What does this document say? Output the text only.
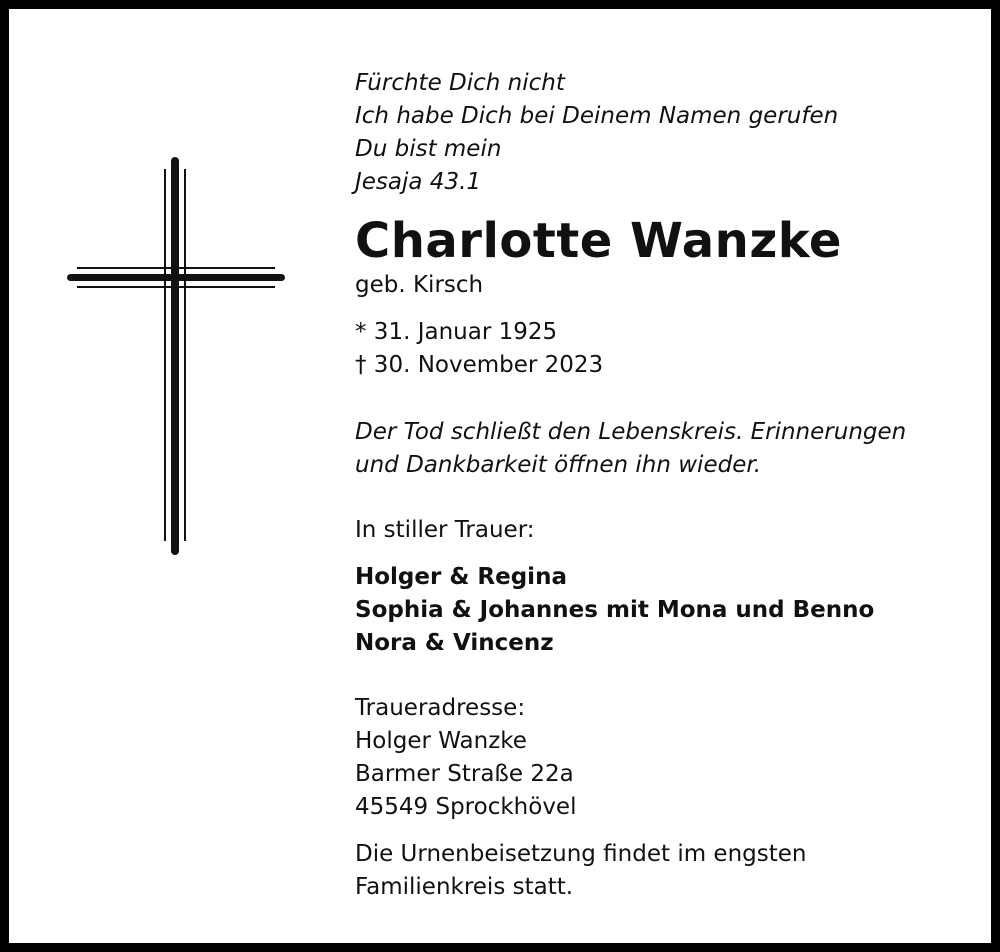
Fürchte Dich nicht
Ich habe Dich bei Deinem Namen gerufen
Du bist mein
Jesaja 43.1
Charlotte Wanzke
geb. Kirsch
* 31. Januar 1925
† 30. November 2023
Der Tod schließt den Lebenskreis. Erinnerungen
und Dankbarkeit öffnen ihn wieder.
In stiller Trauer:
Holger & Regina
Sophia & Johannes mit Mona und Benno
Nora & Vincenz
Traueradresse:
Holger Wanzke
Barmer Straße 22a
45549 Sprockhövel
Die Urnenbeisetzung findet im engsten
Familienkreis statt.
